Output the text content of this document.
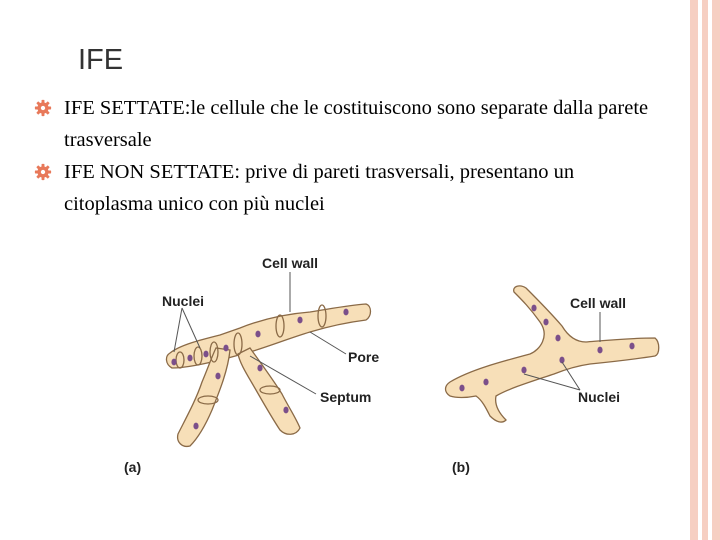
IFE
IFE SETTATE:le cellule che le costituiscono sono separate dalla parete trasversale
IFE NON SETTATE: prive di pareti trasversali, presentano un citoplasma unico con più nuclei
Cell wall
Nuclei
Pore
Septum
(a)
Cell wall
Nuclei
(b)
